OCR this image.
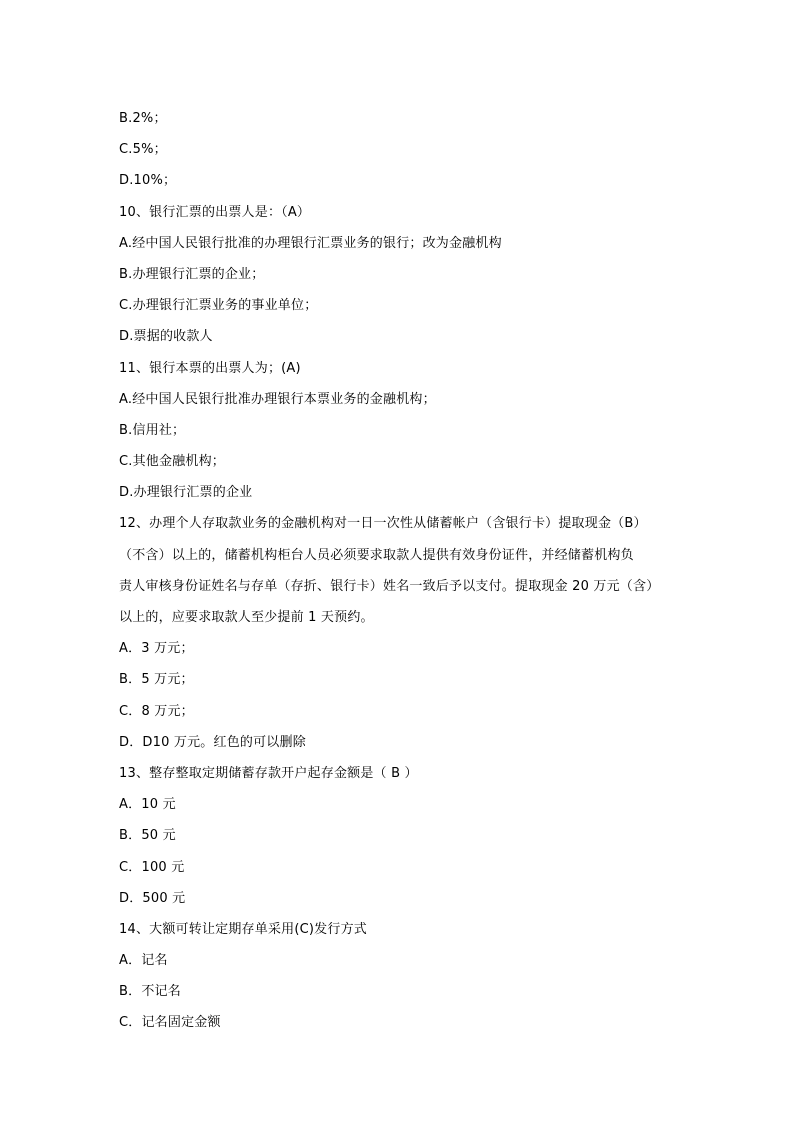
B.2%；
C.5%；
D.10%；
10、银行汇票的出票人是：（A）
A.经中国人民银行批准的办理银行汇票业务的银行；改为金融机构
B.办理银行汇票的企业；
C.办理银行汇票业务的事业单位；
D.票据的收款人
11、银行本票的出票人为；(A)
A.经中国人民银行批准办理银行本票业务的金融机构；
B.信用社；
C.其他金融机构；
D.办理银行汇票的企业
12、办理个人存取款业务的金融机构对一日一次性从储蓄帐户（含银行卡）提取现金（B）
（不含）以上的，储蓄机构柜台人员必须要求取款人提供有效身份证件，并经储蓄机构负
责人审核身份证姓名与存单（存折、银行卡）姓名一致后予以支付。提取现金 20 万元（含）
以上的，应要求取款人至少提前 1 天预约。
A．3 万元；
B．5 万元；
C．8 万元；
D．D10 万元。红色的可以删除
13、整存整取定期储蓄存款开户起存金额是（ B ）
A．10 元
B．50 元
C．100 元
D．500 元
14、大额可转让定期存单采用(C)发行方式
A．记名
B．不记名
C．记名固定金额
